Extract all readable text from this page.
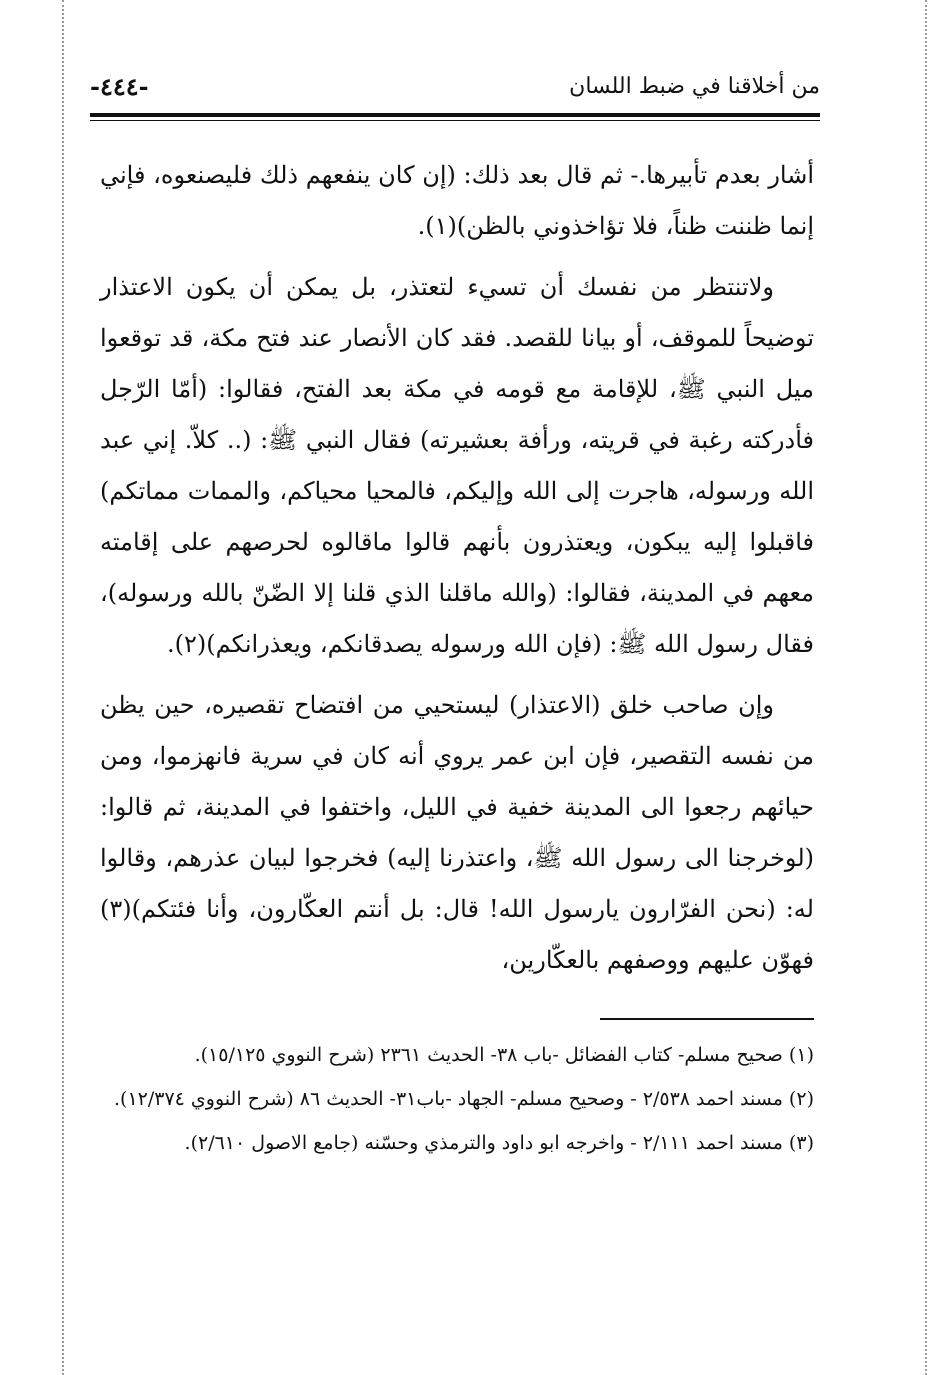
-٤٤٤-	من أخلاقنا في ضبط اللسان

أشار بعدم تأبيرها.- ثم قال بعد ذلك: (إن كان ينفعهم ذلك فليصنعوه، فإني إنما ظننت ظناً، فلا تؤاخذوني بالظن)(١).

ولاتنتظر من نفسك أن تسيء لتعتذر، بل يمكن أن يكون الاعتذار توضيحاً للموقف، أو بيانا للقصد. فقد كان الأنصار عند فتح مكة، قد توقعوا ميل النبي ﷺ، للإقامة مع قومه في مكة بعد الفتح، فقالوا: (أمّا الرّجل فأدركته رغبة في قريته، ورأفة بعشيرته) فقال النبي ﷺ: (.. كلاّ. إني عبد الله ورسوله، هاجرت إلى الله وإليكم، فالمحيا محياكم، والممات مماتكم) فاقبلوا إليه يبكون، ويعتذرون بأنهم قالوا ماقالوه لحرصهم على إقامته معهم في المدينة، فقالوا: (والله ماقلنا الذي قلنا إلا الضّنّ بالله ورسوله)، فقال رسول الله ﷺ: (فإن الله ورسوله يصدقانكم، ويعذرانكم)(٢).

وإن صاحب خلق (الاعتذار) ليستحيي من افتضاح تقصيره، حين يظن من نفسه التقصير، فإن ابن عمر يروي أنه كان في سرية فانهزموا، ومن حيائهم رجعوا الى المدينة خفية في الليل، واختفوا في المدينة، ثم قالوا: (لوخرجنا الى رسول الله ﷺ، واعتذرنا إليه) فخرجوا لبيان عذرهم، وقالوا له: (نحن الفرّارون يارسول الله! قال: بل أنتم العكّارون، وأنا فئتكم)(٣) فهوّن عليهم ووصفهم بالعكّارين،

(١) صحيح مسلم- كتاب الفضائل -باب ٣٨- الحديث ٢٣٦١ (شرح النووي ١٥/١٢٥).

(٢) مسند احمد ٢/٥٣٨ - وصحيح مسلم- الجهاد -باب٣١- الحديث ٨٦ (شرح النووي ١٢/٣٧٤).

(٣) مسند احمد ٢/١١١ - واخرجه ابو داود والترمذي وحسّنه (جامع الاصول ٢/٦١٠).
